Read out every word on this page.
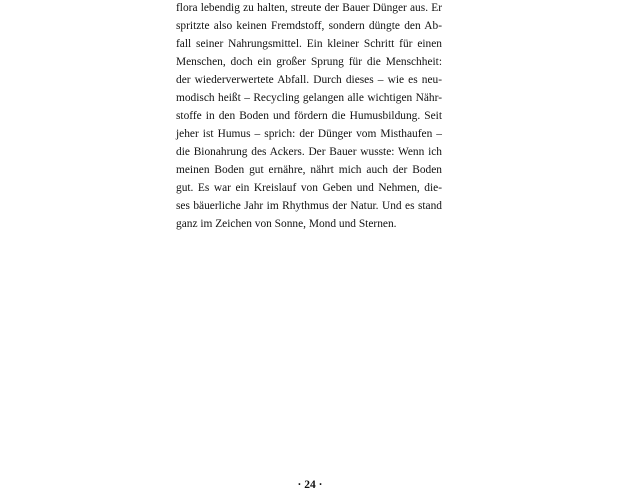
flora lebendig zu halten, streute der Bauer Dünger aus. Er
spritzte also keinen Fremdstoff, sondern düngte den Ab-
fall seiner Nahrungsmittel. Ein kleiner Schritt für einen
Menschen, doch ein großer Sprung für die Menschheit:
der wiederverwertete Abfall. Durch dieses – wie es neu-
modisch heißt – Recycling gelangen alle wichtigen Nähr-
stoffe in den Boden und fördern die Humusbildung. Seit
jeher ist Humus – sprich: der Dünger vom Misthaufen –
die Bionahrung des Ackers. Der Bauer wusste: Wenn ich
meinen Boden gut ernähre, nährt mich auch der Boden
gut. Es war ein Kreislauf von Geben und Nehmen, die-
ses bäuerliche Jahr im Rhythmus der Natur. Und es stand
ganz im Zeichen von Sonne, Mond und Sternen.
· 24 ·
